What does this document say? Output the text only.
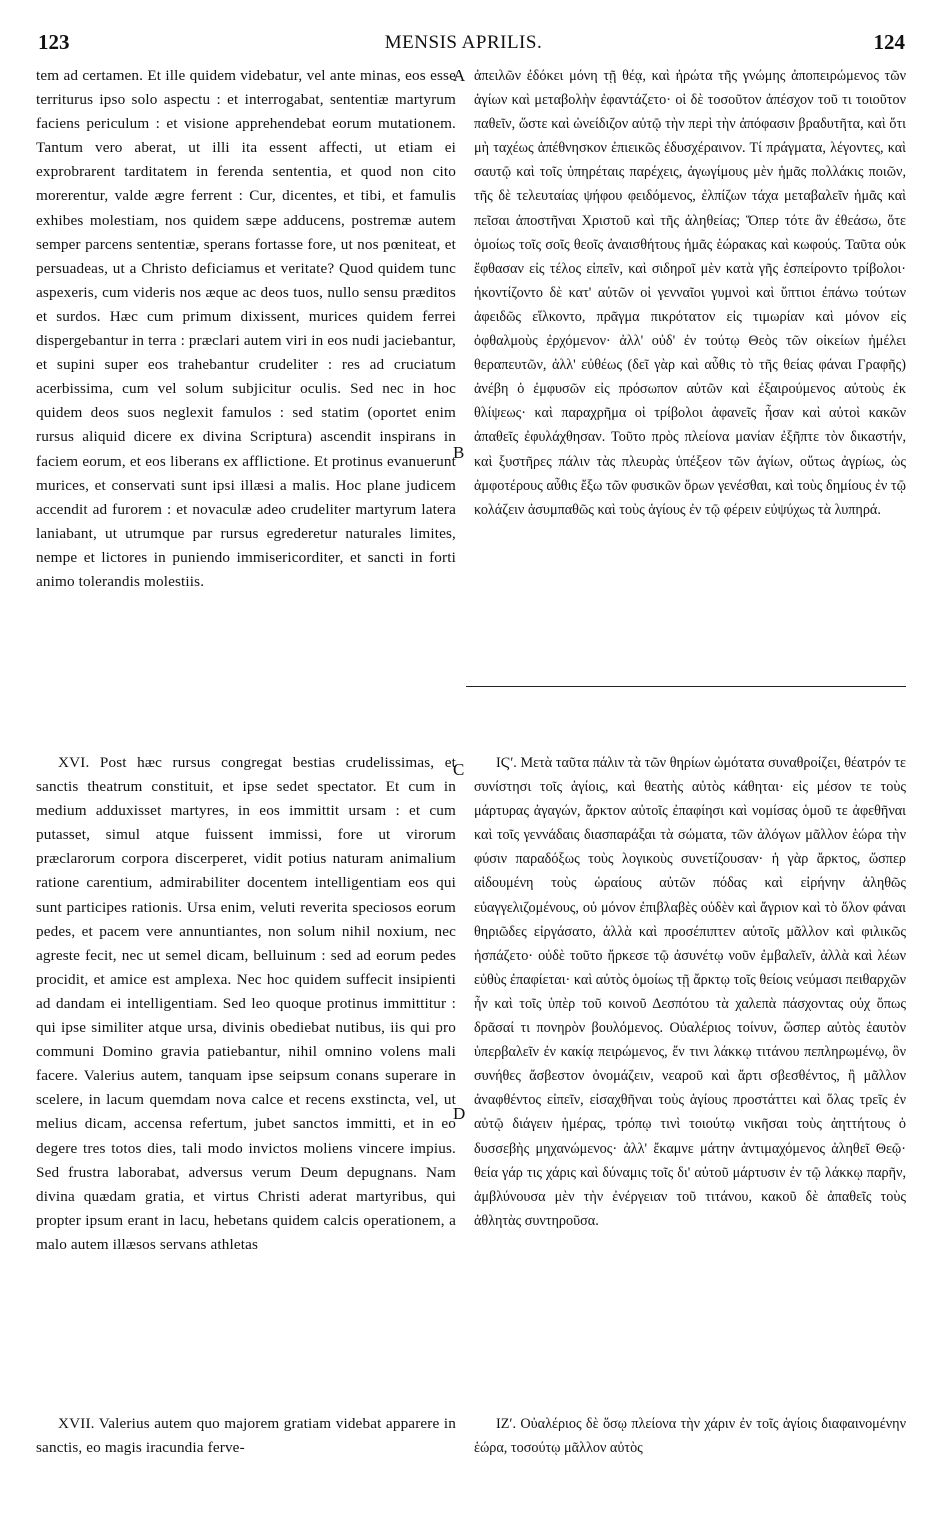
123	MENSIS APRILIS.	124
A
B
C
D

tem ad certamen. Et ille quidem videbatur, vel ante minas, eos esse territurus ipso solo aspectu : et interrogabat, sententiæ martyrum faciens periculum : et visione apprehendebat eorum mutationem. Tantum vero aberat, ut illi ita essent affecti, ut etiam ei exprobrarent tarditatem in ferenda sententia, et quod non cito morerentur, valde ægre ferrent : Cur, dicentes, et tibi, et famulis exhibes molestiam, nos quidem sæpe adducens, postremæ autem semper parcens sententiæ, sperans fortasse fore, ut nos pœniteat, et persuadeas, ut a Christo deficiamus et veritate? Quod quidem tunc aspexeris, cum videris nos æque ac deos tuos, nullo sensu præditos et surdos. Hæc cum primum dixissent, murices quidem ferrei dispergebantur in terra : præclari autem viri in eos nudi jaciebantur, et supini super eos trahebantur crudeliter : res ad cruciatum acerbissima, cum vel solum subjicitur oculis. Sed nec in hoc quidem deos suos neglexit famulos : sed statim (oportet enim rursus aliquid dicere ex divina Scriptura) ascendit inspirans in faciem eorum, et eos liberans ex afflictione. Et protinus evanuerunt murices, et conservati sunt ipsi illæsi a malis. Hoc plane judicem accendit ad furorem : et novaculæ adeo crudeliter martyrum latera laniabant, ut utrumque par rursus egrederetur naturales limites, nempe et lictores in puniendo immisericorditer, et sancti in forti animo tolerandis molestiis.

XVI. Post hæc rursus congregat bestias crudelissimas, et sanctis theatrum constituit, et ipse sedet spectator. Et cum in medium adduxisset martyres, in eos immittit ursam : et cum putasset, simul atque fuissent immissi, fore ut virorum præclarorum corpora discerperet, vidit potius naturam animalium ratione carentium, admirabiliter docentem intelligentiam eos qui sunt participes rationis. Ursa enim, veluti reverita speciosos eorum pedes, et pacem vere annuntiantes, non solum nihil noxium, nec agreste fecit, nec ut semel dicam, belluinum : sed ad eorum pedes procidit, et amice est amplexa. Nec hoc quidem suffecit insipienti ad dandam ei intelligentiam. Sed leo quoque protinus immittitur : qui ipse similiter atque ursa, divinis obediebat nutibus, iis qui pro communi Domino gravia patiebantur, nihil omnino volens mali facere. Valerius autem, tanquam ipse seipsum conans superare in scelere, in lacum quemdam nova calce et recens exstincta, vel, ut melius dicam, accensa refertum, jubet sanctos immitti, et in eo degere tres totos dies, tali modo invictos moliens vincere impius. Sed frustra laborabat, adversus verum Deum depugnans. Nam divina quædam gratia, et virtus Christi aderat martyribus, qui propter ipsum erant in lacu, hebetans quidem calcis operationem, a malo autem illæsos servans athletas

XVII. Valerius autem quo majorem gratiam videbat apparere in sanctis, eo magis iracundia ferve-

ἀπειλῶν ἐδόκει μόνη τῇ θέᾳ, καὶ ἠρώτα τῆς γνώμης ἀποπειρώμενος τῶν ἁγίων καὶ μεταβολὴν ἐφαντάζετο· οἱ δὲ τοσοῦτον ἀπέσχον τοῦ τι τοιοῦτον παθεῖν, ὥστε καὶ ὠνείδιζον αὐτῷ τὴν περὶ τὴν ἀπόφασιν βραδυτῆτα, καὶ ὅτι μὴ ταχέως ἀπέθνησκον ἐπιεικῶς ἐδυσχέραινον. Τί πράγματα, λέγοντες, καὶ σαυτῷ καὶ τοῖς ὑπηρέταις παρέχεις, ἀγωγίμους μὲν ἡμᾶς πολλάκις ποιῶν, τῆς δὲ τελευταίας ψήφου φειδόμενος, ἐλπίζων τάχα μεταβαλεῖν ἡμᾶς καὶ πεῖσαι ἀποστῆναι Χριστοῦ καὶ τῆς ἀληθείας; Ὅπερ τότε ἂν ἐθεάσω, ὅτε ὁμοίως τοῖς σοῖς θεοῖς ἀναισθήτους ἡμᾶς ἑώρακας καὶ κωφούς. Ταῦτα οὐκ ἔφθασαν εἰς τέλος εἰπεῖν, καὶ σιδηροῖ μὲν κατὰ γῆς ἐσπείροντο τρίβολοι· ἠκοντίζοντο δὲ κατ' αὐτῶν οἱ γενναῖοι γυμνοὶ καὶ ὕπτιοι ἐπάνω τούτων ἀφειδῶς εἵλκοντο, πρᾶγμα πικρότατον εἰς τιμωρίαν καὶ μόνον εἰς ὀφθαλμοὺς ἐρχόμενον· ἀλλ' οὐδ' ἐν τούτῳ Θεὸς τῶν οἰκείων ἠμέλει θεραπευτῶν, ἀλλ' εὐθέως (δεῖ γὰρ καὶ αὖθις τὸ τῆς θείας φάναι Γραφῆς) ἀνέβη ὁ ἐμφυσῶν εἰς πρόσωπον αὐτῶν καὶ ἐξαιρούμενος αὐτοὺς ἐκ θλίψεως· καὶ παραχρῆμα οἱ τρίβολοι ἀφανεῖς ἦσαν καὶ αὐτοὶ κακῶν ἀπαθεῖς ἐφυλάχθησαν. Τοῦτο πρὸς πλείονα μανίαν ἐξῆπτε τὸν δικαστήν, καὶ ξυστῆρες πάλιν τὰς πλευρὰς ὑπέξεον τῶν ἁγίων, οὕτως ἀγρίως, ὡς ἀμφοτέρους αὖθις ἔξω τῶν φυσικῶν ὅρων γενέσθαι, καὶ τοὺς δημίους ἐν τῷ κολάζειν ἀσυμπαθῶς καὶ τοὺς ἁγίους ἐν τῷ φέρειν εὐψύχως τὰ λυπηρά.

ΙϚʹ. Μετὰ ταῦτα πάλιν τὰ τῶν θηρίων ὠμότατα συναθροίζει, θέατρόν τε συνίστησι τοῖς ἁγίοις, καὶ θεατὴς αὐτὸς κάθηται· εἰς μέσον τε τοὺς μάρτυρας ἀγαγών, ἄρκτον αὐτοῖς ἐπαφίησι καὶ νομίσας ὁμοῦ τε ἀφεθῆναι καὶ τοῖς γεννάδαις διασπαράξαι τὰ σώματα, τῶν ἀλόγων μᾶλλον ἑώρα τὴν φύσιν παραδόξως τοὺς λογικοὺς συνετίζουσαν· ἡ γὰρ ἄρκτος, ὥσπερ αἰδουμένη τοὺς ὡραίους αὐτῶν πόδας καὶ εἰρήνην ἀληθῶς εὐαγγελιζομένους, οὐ μόνον ἐπιβλαβὲς οὐδὲν καὶ ἄγριον καὶ τὸ ὅλον φάναι θηριῶδες εἰργάσατο, ἀλλὰ καὶ προσέπιπτεν αὐτοῖς μᾶλλον καὶ φιλικῶς ἠσπάζετο· οὐδὲ τοῦτο ἤρκεσε τῷ ἀσυνέτῳ νοῦν ἐμβαλεῖν, ἀλλὰ καὶ λέων εὐθὺς ἐπαφίεται· καὶ αὐτὸς ὁμοίως τῇ ἄρκτῳ τοῖς θείοις νεύμασι πειθαρχῶν ἦν καὶ τοῖς ὑπὲρ τοῦ κοινοῦ Δεσπότου τὰ χαλεπὰ πάσχοντας οὐχ ὅπως δρᾶσαί τι πονηρὸν βουλόμενος. Οὐαλέριος τοίνυν, ὥσπερ αὐτὸς ἑαυτὸν ὑπερβαλεῖν ἐν κακίᾳ πειρώμενος, ἔν τινι λάκκῳ τιτάνου πεπληρωμένῳ, ὃν συνήθες ἄσβεστον ὀνομάζειν, νεαροῦ καὶ ἄρτι σβεσθέντος, ἢ μᾶλλον ἀναφθέντος εἰπεῖν, εἰσαχθῆναι τοὺς ἁγίους προστάττει καὶ ὅλας τρεῖς ἐν αὐτῷ διάγειν ἡμέρας, τρόπῳ τινὶ τοιούτῳ νικῆσαι τοὺς ἀηττήτους ὁ δυσσεβὴς μηχανώμενος· ἀλλ' ἔκαμνε μάτην ἀντιμαχόμενος ἀληθεῖ Θεῷ· θεία γάρ τις χάρις καὶ δύναμις τοῖς δι' αὐτοῦ μάρτυσιν ἐν τῷ λάκκῳ παρῆν, ἀμβλύνουσα μὲν τὴν ἐνέργειαν τοῦ τιτάνου, κακοῦ δὲ ἀπαθεῖς τοὺς ἀθλητὰς συντηροῦσα.

ΙΖʹ. Οὐαλέριος δὲ ὅσῳ πλείονα τὴν χάριν ἐν τοῖς ἁγίοις διαφαινομένην ἑώρα, τοσούτῳ μᾶλλον αὐτὸς
